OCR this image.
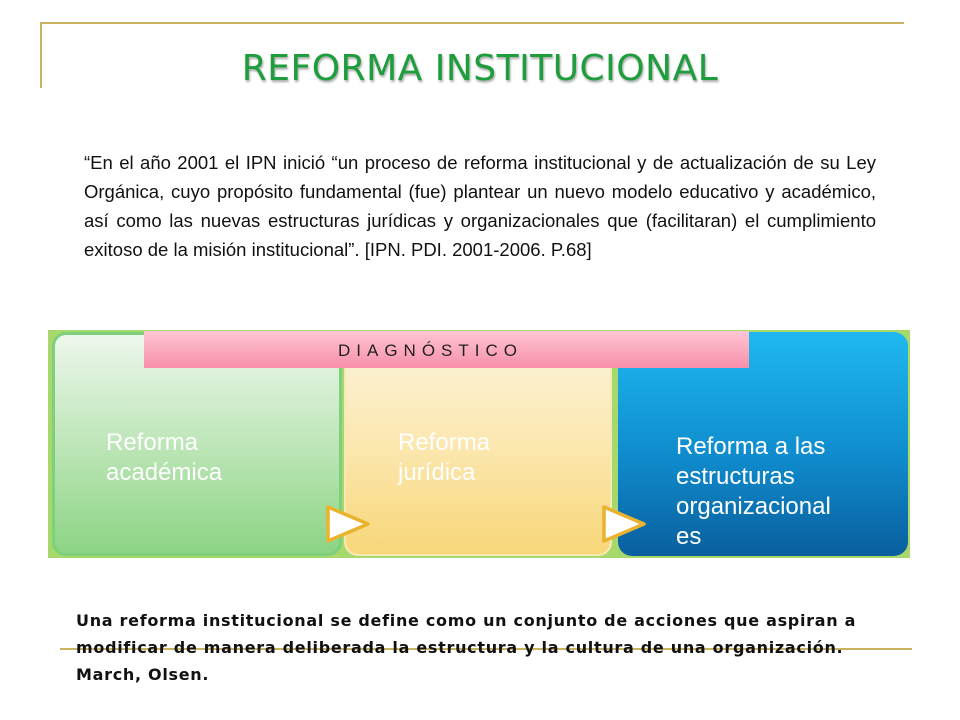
REFORMA INSTITUCIONAL
“En el año 2001 el IPN inició “un proceso de reforma institucional y de actualización de su Ley Orgánica, cuyo propósito fundamental (fue) plantear un nuevo modelo educativo y académico, así como las nuevas estructuras jurídicas y organizacionales que (facilitaran) el cumplimiento exitoso de la misión institucional”. [IPN. PDI. 2001-2006. P.68]
Reforma
académica
Reforma
jurídica
Reforma a las
estructuras
organizacional
es
DIAGNÓSTICO
Una reforma institucional se define como un conjunto de acciones que aspiran a
modificar de manera deliberada la estructura y la cultura de una organización.
March, Olsen.
